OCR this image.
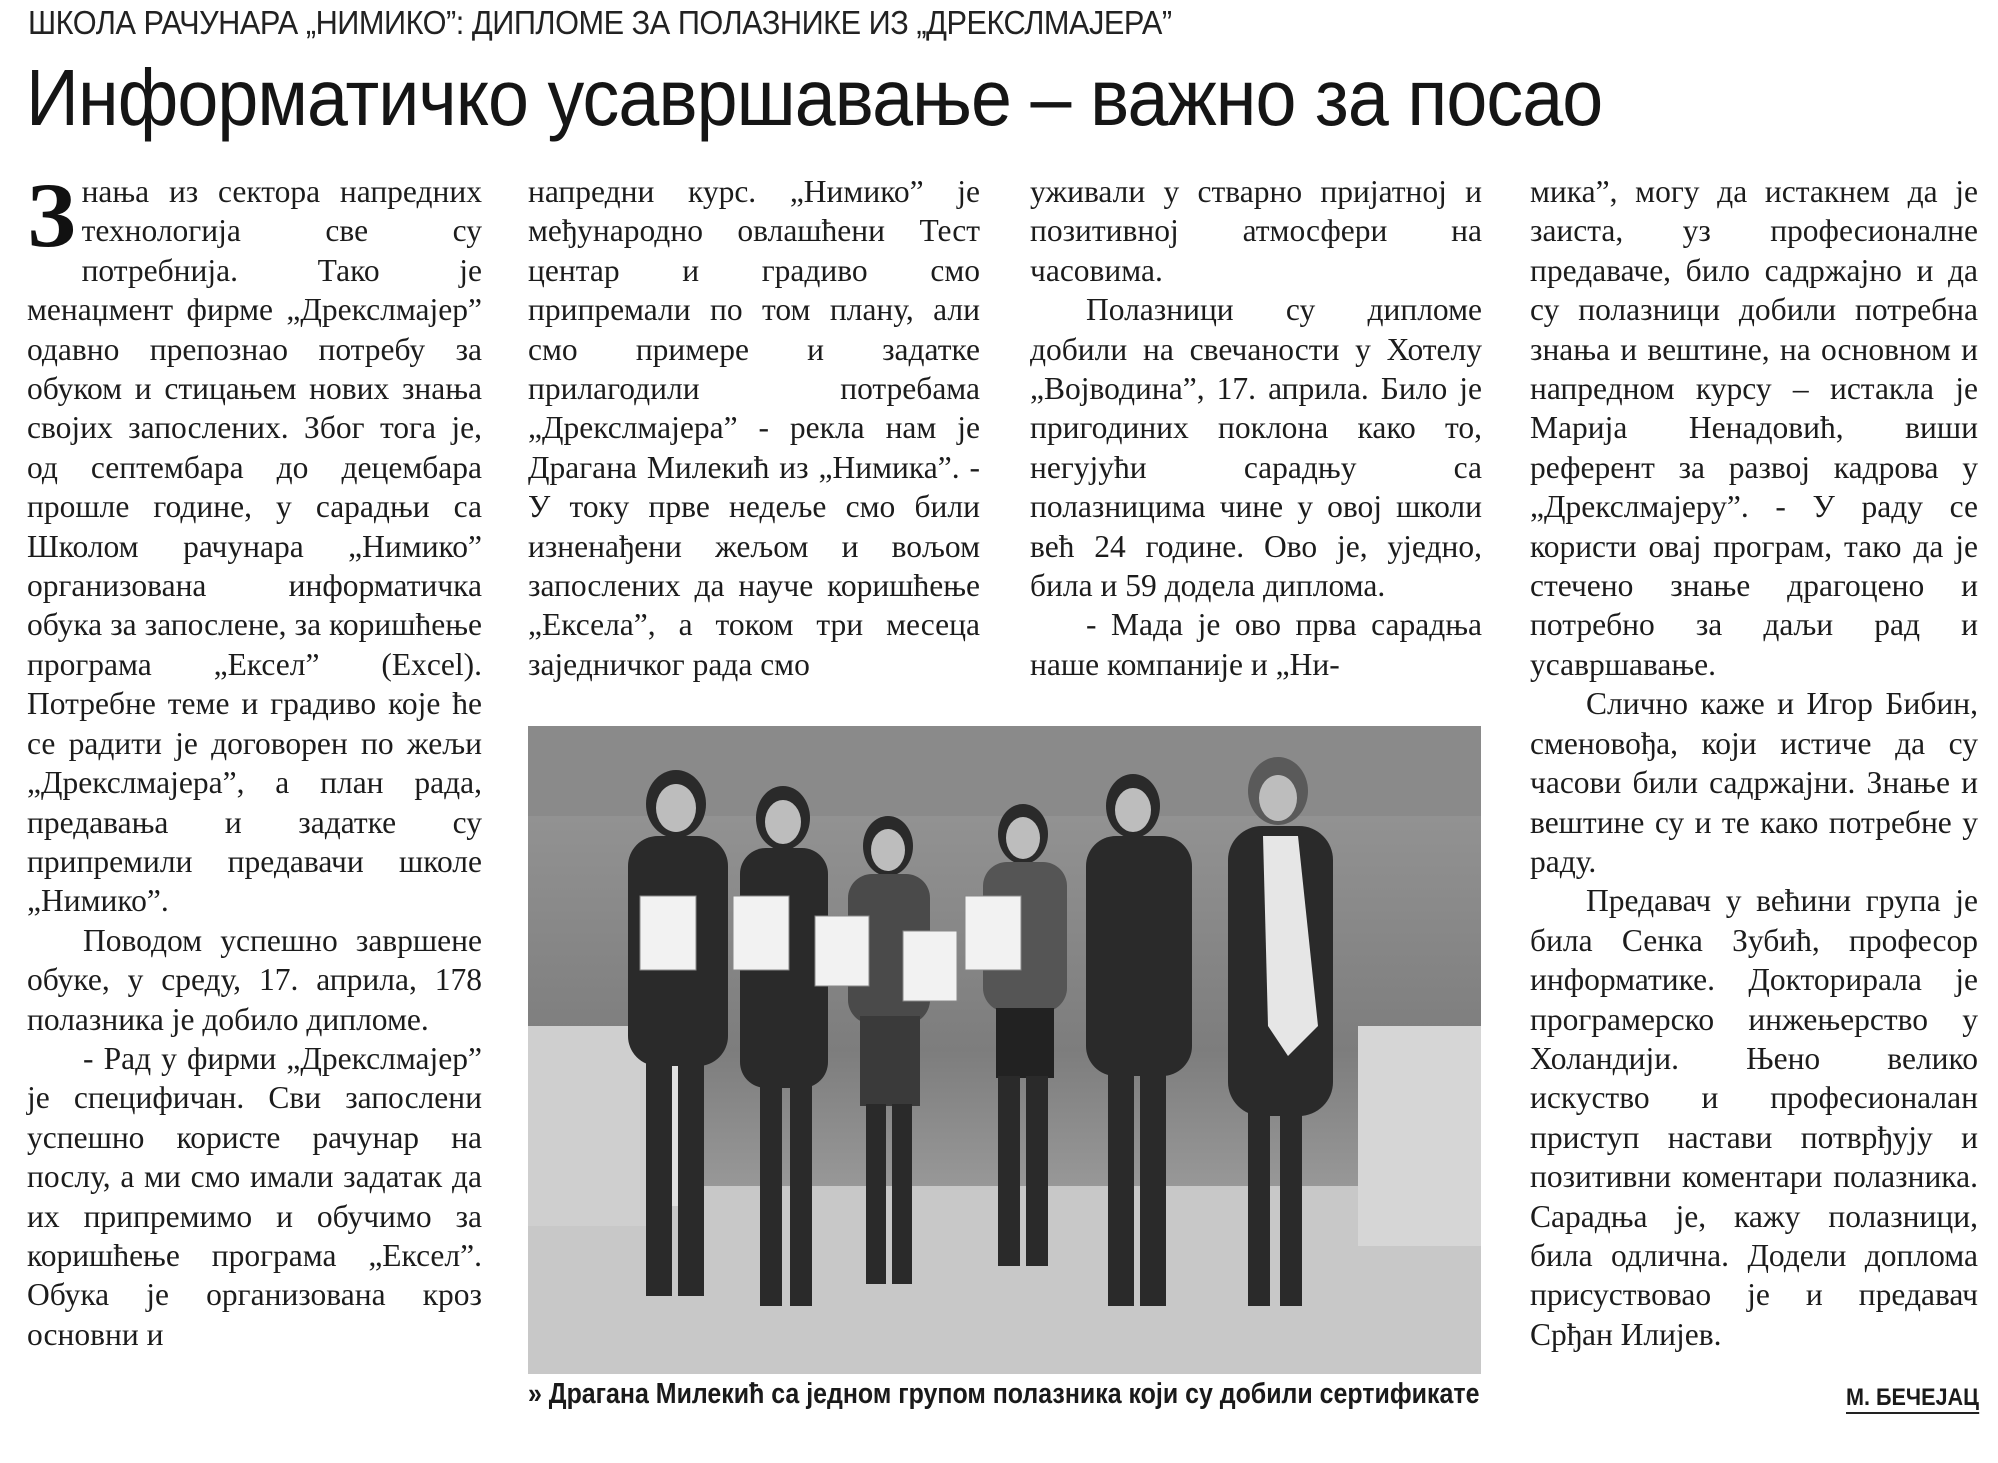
ШКОЛА РАЧУНАРА „НИМИКО”: ДИПЛОМЕ ЗА ПОЛАЗНИКЕ ИЗ „ДРЕКСЛМАЈЕРА”
Информатичко усавршавање – важно за посао

Знања из сектора напредних технологија све су потребнија. Тако је менаџмент фирме „Дрекслмајер” одавно препознао потребу за обуком и стицањем нових знања својих запослених. Због тога је, од септембара до децембара прошле године, у сарадњи са Школом рачунара „Нимико” организована информатичка обука за запослене, за коришћење програма „Ексел” (Excel). Потребне теме и градиво које ће се радити је договорен по жељи „Дрекслмајера”, а план рада, предавања и задатке су припремили предавачи школе „Нимико”.

Поводом успешно завршене обуке, у среду, 17. априла, 178 полазника је добило дипломе.

- Рад у фирми „Дрекслмајер” је специфичан. Сви запослени успешно користе рачунар на послу, а ми смо имали задатак да их припремимо и обучимо за коришћење програма „Ексел”. Обука је организована кроз основни и

напредни курс. „Нимико” је међународно овлашћени Тест центар и градиво смо припремали по том плану, али смо примере и задатке прилагодили потребама „Дрекслмајера” - рекла нам је Драгана Милекић из „Нимика”. - У току прве недеље смо били изненађени жељом и вољом запослених да науче коришћење „Ексела”, а током три месеца заједничког рада смо

уживали у стварно пријатној и позитивној атмосфери на часовима.

Полазници су дипломе добили на свечаности у Хотелу „Војводина”, 17. априла. Било је пригодиних поклона како то, негујући сарадњу са полазницима чине у овој школи већ 24 године. Ово је, уједно, била и 59 додела диплома.

- Мада је ово прва сарадња наше компаније и „Ни-

мика”, могу да истакнем да је заиста, уз професионалне предаваче, било садржајно и да су полазници добили потребна знања и вештине, на основном и напредном курсу – истакла је Марија Ненадовић, виши референт за развој кадрова у „Дрекслмајеру”. - У раду се користи овај програм, тако да је стечено знање драгоцено и потребно за даљи рад и усавршавање.

Слично каже и Игор Бибин, сменовођа, који истиче да су часови били садржајни. Знање и вештине су и те како потребне у раду.

Предавач у већини група је била Сенка Зубић, професор информатике. Докторирала је програмерско инжењерство у Холандији. Њено велико искуство и професионалан приступ настави потврђују и позитивни коментари полазника. Сарадња је, кажу полазници, била одлична. Додели доплома присуствовао је и предавач Срђан Илијев.

» Драгана Милекић са једном групом полазника који су добили сертификате	М. БЕЧЕЈАЦ
